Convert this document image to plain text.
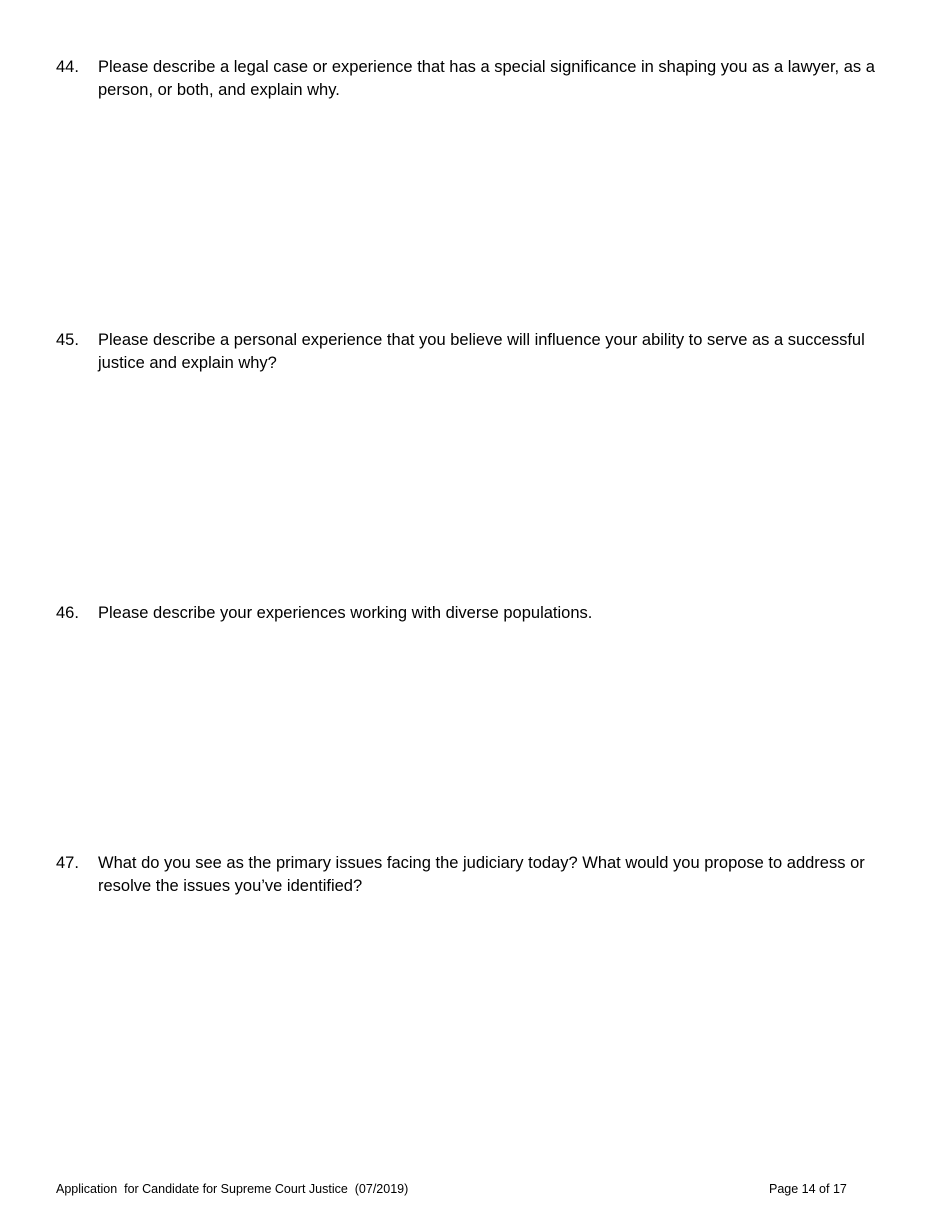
44.	Please describe a legal case or experience that has a special significance in shaping you as a lawyer, as a person, or both, and explain why.
45.	Please describe a personal experience that you believe will influence your ability to serve as a successful justice and explain why?
46.	Please describe your experiences working with diverse populations.
47.	What do you see as the primary issues facing the judiciary today? What would you propose to address or resolve the issues you’ve identified?
Application  for Candidate for Supreme Court Justice  (07/2019)	Page 14 of 17
